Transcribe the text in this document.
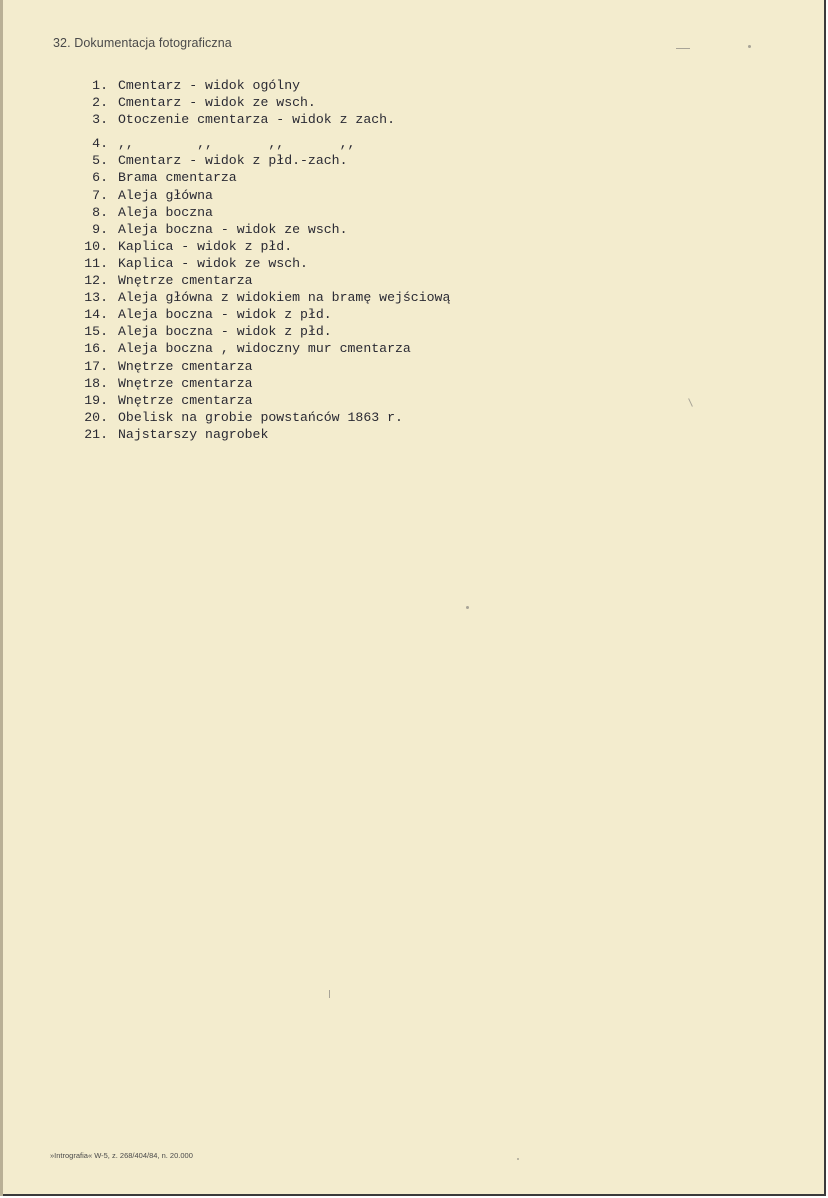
32. Dokumentacja fotograficzna
1. Cmentarz - widok ogólny
2. Cmentarz - widok ze wsch.
3. Otoczenie cmentarza - widok z zach.
4. ,,        ,,       ,,       ,,
5. Cmentarz - widok z płd.-zach.
6. Brama cmentarza
7. Aleja główna
8. Aleja boczna
9. Aleja boczna - widok ze wsch.
10. Kaplica - widok z płd.
11. Kaplica - widok ze wsch.
12. Wnętrze cmentarza
13. Aleja główna z widokiem na bramę wejściową
14. Aleja boczna - widok z płd.
15. Aleja boczna - widok z płd.
16. Aleja boczna , widoczny mur cmentarza
17. Wnętrze cmentarza
18. Wnętrze cmentarza
19. Wnętrze cmentarza
20. Obelisk na grobie powstańców 1863 r.
21. Najstarszy nagrobek
»Intrografia« W-5, z. 268/404/84, n. 20.000
